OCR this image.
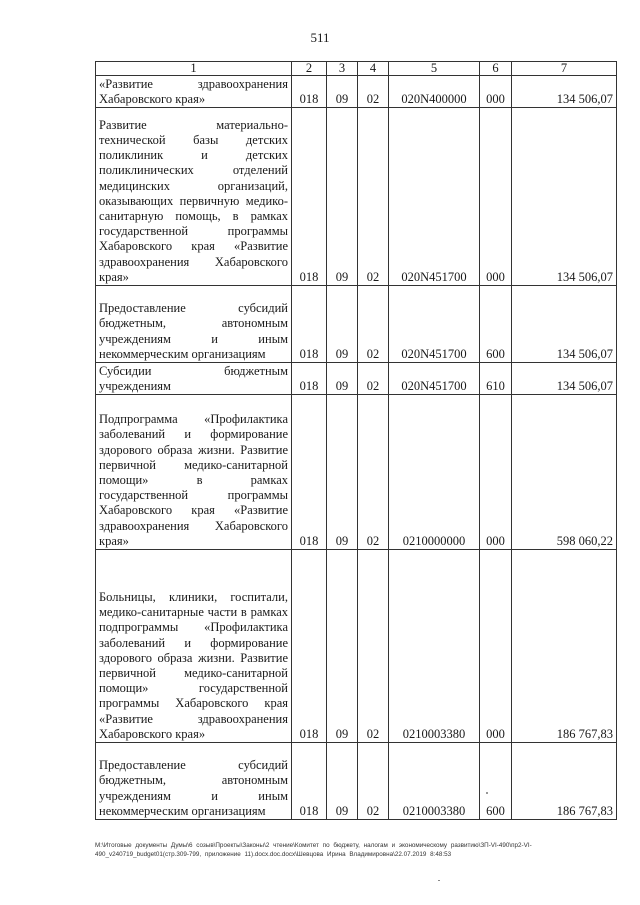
511
1	2	3	4	5	6	7

«Развитие здравоохранения Хабаровского края»	018	09	02	020N400000	000	134 506,07

Развитие материально-технической базы детских поликлиник и детских поликлинических отделений медицинских организаций, оказывающих первичную медико-санитарную помощь, в рамках государственной программы Хабаровского края «Развитие здравоохранения Хабаровского края»	018	09	02	020N451700	000	134 506,07

Предоставление субсидий бюджетным, автономным учреждениям и иным некоммерческим организациям	018	09	02	020N451700	600	134 506,07

Субсидии бюджетным учреждениям	018	09	02	020N451700	610	134 506,07

Подпрограмма «Профилактика заболеваний и формирование здорового образа жизни. Развитие первичной медико-санитарной помощи» в рамках государственной программы Хабаровского края «Развитие здравоохранения Хабаровского края»	018	09	02	0210000000	000	598 060,22

Больницы, клиники, госпитали, медико-санитарные части в рамках подпрограммы «Профилактика заболеваний и формирование здорового образа жизни. Развитие первичной медико-санитарной помощи» государственной программы Хабаровского края «Развитие здравоохранения Хабаровского края»	018	09	02	0210003380	000	186 767,83

Предоставление субсидий бюджетным, автономным учреждениям и иным некоммерческим организациям	018	09	02	0210003380	600	186 767,83
M:\Итоговые документы Думы\6 созыв\Проекты\Законы\2 чтение\Комитет по бюджету, налогам и экономическому развитию\ЗП-VI-490\пр2-VI-
490_v240719_budget01(стр.309-799, приложение 11).docx.doc.docx\Шевцова Ирина Владимировна\22.07.2019 8:48:53
